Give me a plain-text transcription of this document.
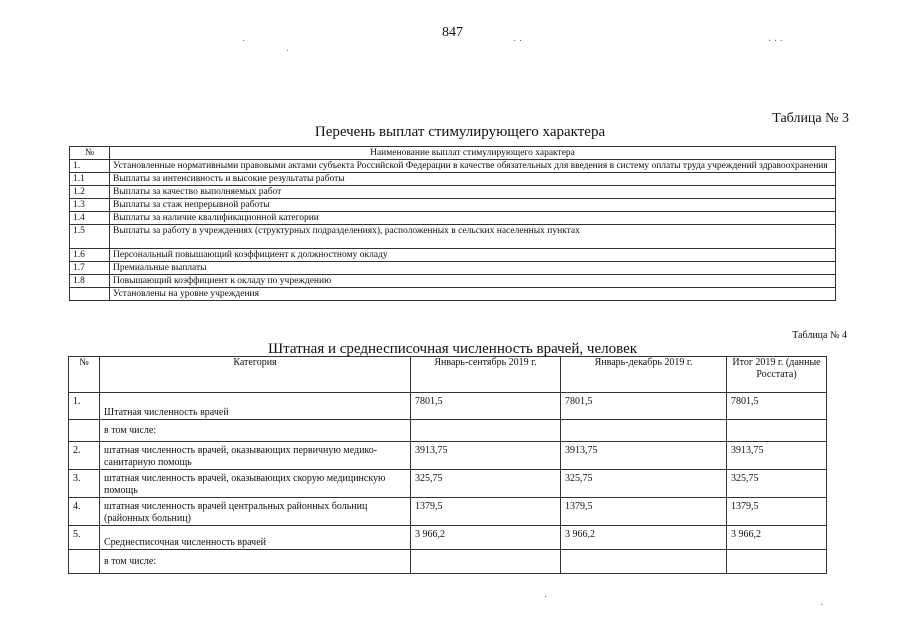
847
·
·
· ·	· · ·
Таблица № 3
Перечень выплат стимулирующего характера
№	Наименование выплат стимулирующего характера
1.	Установленные нормативными правовыми актами субъекта Российской Федерации в качестве обязательных для введения в систему оплаты труда учреждений здравоохранения
1.1	Выплаты за интенсивность и высокие результаты работы
1.2	Выплаты за качество выполняемых работ
1.3	Выплаты за стаж непрерывной работы
1.4	Выплаты за наличие квалификационной категории
1.5	Выплаты за работу в учреждениях (структурных подразделениях), расположенных в сельских населенных пунктах
1.6	Персональный повышающий коэффициент к должностному окладу
1.7	Премиальные выплаты
1.8	Повышающий коэффициент к окладу по учреждению
	Установлены на уровне учреждения
Таблица № 4
Штатная и среднесписочная численность врачей, человек
№	Категория	Январь-сентябрь 2019 г.	Январь-декабрь 2019 г.	Итог 2019 г. (данные Росстата)
1.	Штатная численность врачей	7801,5	7801,5	7801,5
	в том числе:			
2.	штатная численность врачей, оказывающих первичную медико-санитарную помощь	3913,75	3913,75	3913,75
3.	штатная численность врачей, оказывающих скорую медицинскую помощь	325,75	325,75	325,75
4.	штатная численность врачей центральных районных больниц (районных больниц)	1379,5	1379,5	1379,5
5.	Среднесписочная численность врачей	3 966,2	3 966,2	3 966,2
	в том числе:			
·
·
